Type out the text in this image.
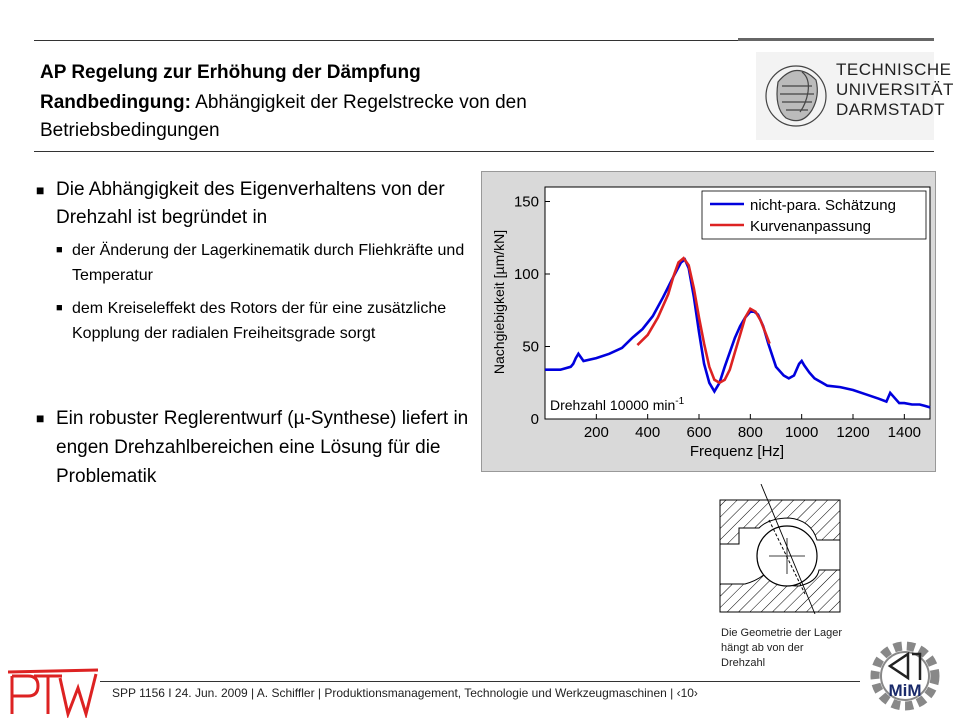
AP Regelung zur Erhöhung der Dämpfung
Randbedingung: Abhängigkeit der Regelstrecke von den
Betriebsbedingungen
TECHNISCHE
UNIVERSITÄT
DARMSTADT
■ Die Abhängigkeit des Eigenverhaltens von der Drehzahl ist begründet in
■ der Änderung der Lagerkinematik durch Fliehkräfte und Temperatur
■ dem Kreiseleffekt des Rotors der für eine zusätzliche Kopplung der radialen Freiheitsgrade sorgt
■ Ein robuster Reglerentwurf (µ-Synthese) liefert in engen Drehzahlbereichen eine Lösung für die Problematik
0
50
100
150
200 400 600 800 1000 1200 1400
nicht-para. Schätzung
Kurvenanpassung
Drehzahl 10000 $\min^{-1}$
Frequenz [Hz]
Nachgiebigkeit [µm/kN]
Die Geometrie der Lager hängt ab von der Drehzahl
SPP 1156 I 24. Jun. 2009 | A. Schiffler | Produktionsmanagement, Technologie und Werkzeugmaschinen | ‹10›	MiM
